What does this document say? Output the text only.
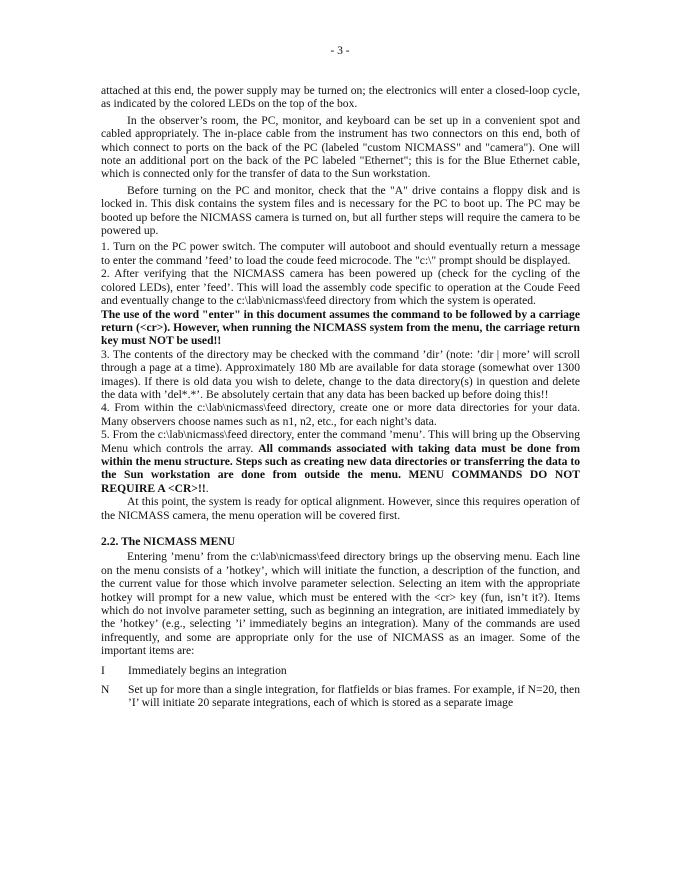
- 3 -

attached at this end, the power supply may be turned on; the electronics will enter a closed-loop cycle, as indicated by the colored LEDs on the top of the box.

In the observer’s room, the PC, monitor, and keyboard can be set up in a convenient spot and cabled appropriately. The in-place cable from the instrument has two connectors on this end, both of which connect to ports on the back of the PC (labeled "custom NICMASS" and "camera"). One will note an additional port on the back of the PC labeled "Ethernet"; this is for the Blue Ethernet cable, which is connected only for the transfer of data to the Sun workstation.

Before turning on the PC and monitor, check that the "A" drive contains a floppy disk and is locked in. This disk contains the system files and is necessary for the PC to boot up. The PC may be booted up before the NICMASS camera is turned on, but all further steps will require the camera to be powered up.

1. Turn on the PC power switch. The computer will autoboot and should eventually return a message to enter the command ’feed’ to load the coude feed microcode. The "c:\" prompt should be displayed.

2. After verifying that the NICMASS camera has been powered up (check for the cycling of the colored LEDs), enter ’feed’. This will load the assembly code specific to operation at the Coude Feed and eventually change to the c:\lab\nicmass\feed directory from which the system is operated.

The use of the word "enter" in this document assumes the command to be followed by a carriage return (<cr>). However, when running the NICMASS system from the menu, the carriage return key must NOT be used!!

3. The contents of the directory may be checked with the command ’dir’ (note: ’dir | more’ will scroll through a page at a time). Approximately 180 Mb are available for data storage (somewhat over 1300 images). If there is old data you wish to delete, change to the data directory(s) in question and delete the data with ’del*.*’. Be absolutely certain that any data has been backed up before doing this!!

4. From within the c:\lab\nicmass\feed directory, create one or more data directories for your data. Many observers choose names such as n1, n2, etc., for each night’s data.

5. From the c:\lab\nicmass\feed directory, enter the command ’menu’. This will bring up the Observing Menu which controls the array. All commands associated with taking data must be done from within the menu structure. Steps such as creating new data directories or transferring the data to the Sun workstation are done from outside the menu. MENU COMMANDS DO NOT REQUIRE A <CR>!!.

At this point, the system is ready for optical alignment. However, since this requires operation of the NICMASS camera, the menu operation will be covered first.

2.2. The NICMASS MENU

Entering ’menu’ from the c:\lab\nicmass\feed directory brings up the observing menu. Each line on the menu consists of a ’hotkey’, which will initiate the function, a description of the function, and the current value for those which involve parameter selection. Selecting an item with the appropriate hotkey will prompt for a new value, which must be entered with the <cr> key (fun, isn’t it?). Items which do not involve parameter setting, such as beginning an integration, are initiated immediately by the ’hotkey’ (e.g., selecting ’i’ immediately begins an integration). Many of the commands are used infrequently, and some are appropriate only for the use of NICMASS as an imager. Some of the important items are:

I	Immediately begins an integration
N	Set up for more than a single integration, for flatfields or bias frames. For example, if N=20, then ’I’ will initiate 20 separate integrations, each of which is stored as a separate image
